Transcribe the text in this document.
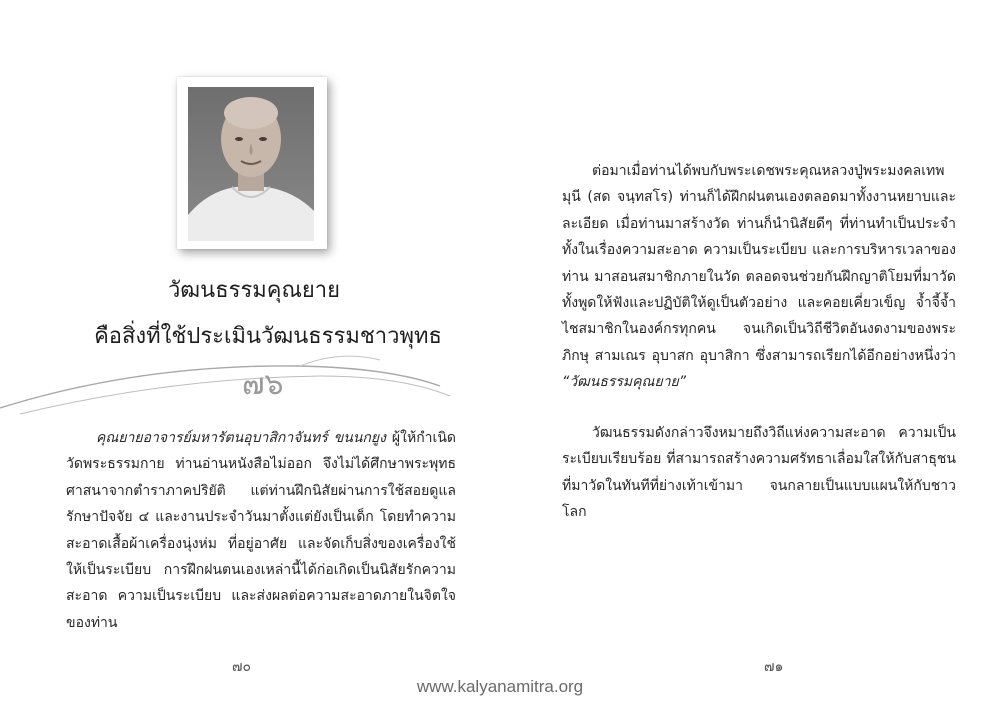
วัฒนธรรมคุณยาย
คือสิ่งที่ใช้ประเมินวัฒนธรรมชาวพุทธ
๗๖

คุณยายอาจารย์มหารัตนอุบาสิกาจันทร์ ขนนกยูง ผู้ให้กำเนิดวัดพระธรรมกาย ท่านอ่านหนังสือไม่ออก จึงไม่ได้ศึกษาพระพุทธศาสนาจากตำราภาคปริยัติ แต่ท่านฝึกนิสัยผ่านการใช้สอยดูแลรักษาปัจจัย ๔ และงานประจำวันมาตั้งแต่ยังเป็นเด็ก โดยทำความสะอาดเสื้อผ้าเครื่องนุ่งห่ม ที่อยู่อาศัย และจัดเก็บสิ่งของเครื่องใช้ให้เป็นระเบียบ การฝึกฝนตนเองเหล่านี้ได้ก่อเกิดเป็นนิสัยรักความสะอาด ความเป็นระเบียบ และส่งผลต่อความสะอาดภายในจิตใจของท่าน

๗๐

ต่อมาเมื่อท่านได้พบกับพระเดชพระคุณหลวงปู่พระมงคลเทพมุนี (สด จนฺทสโร) ท่านก็ได้ฝึกฝนตนเองตลอดมาทั้งงานหยาบและละเอียด เมื่อท่านมาสร้างวัด ท่านก็นำนิสัยดีๆ ที่ท่านทำเป็นประจำทั้งในเรื่องความสะอาด ความเป็นระเบียบ และการบริหารเวลาของท่าน มาสอนสมาชิกภายในวัด ตลอดจนช่วยกันฝึกญาติโยมที่มาวัด ทั้งพูดให้ฟังและปฏิบัติให้ดูเป็นตัวอย่าง และคอยเคี่ยวเข็ญ จ้ำจี้จ้ำไชสมาชิกในองค์กรทุกคน จนเกิดเป็นวิถีชีวิตอันงดงามของพระภิกษุ สามเณร อุบาสก อุบาสิกา ซึ่งสามารถเรียกได้อีกอย่างหนึ่งว่า “วัฒนธรรมคุณยาย”

วัฒนธรรมดังกล่าวจึงหมายถึงวิถีแห่งความสะอาด ความเป็นระเบียบเรียบร้อย ที่สามารถสร้างความศรัทธาเลื่อมใสให้กับสาธุชนที่มาวัดในทันทีที่ย่างเท้าเข้ามา จนกลายเป็นแบบแผนให้กับชาวโลก

๗๑
www.kalyanamitra.org
